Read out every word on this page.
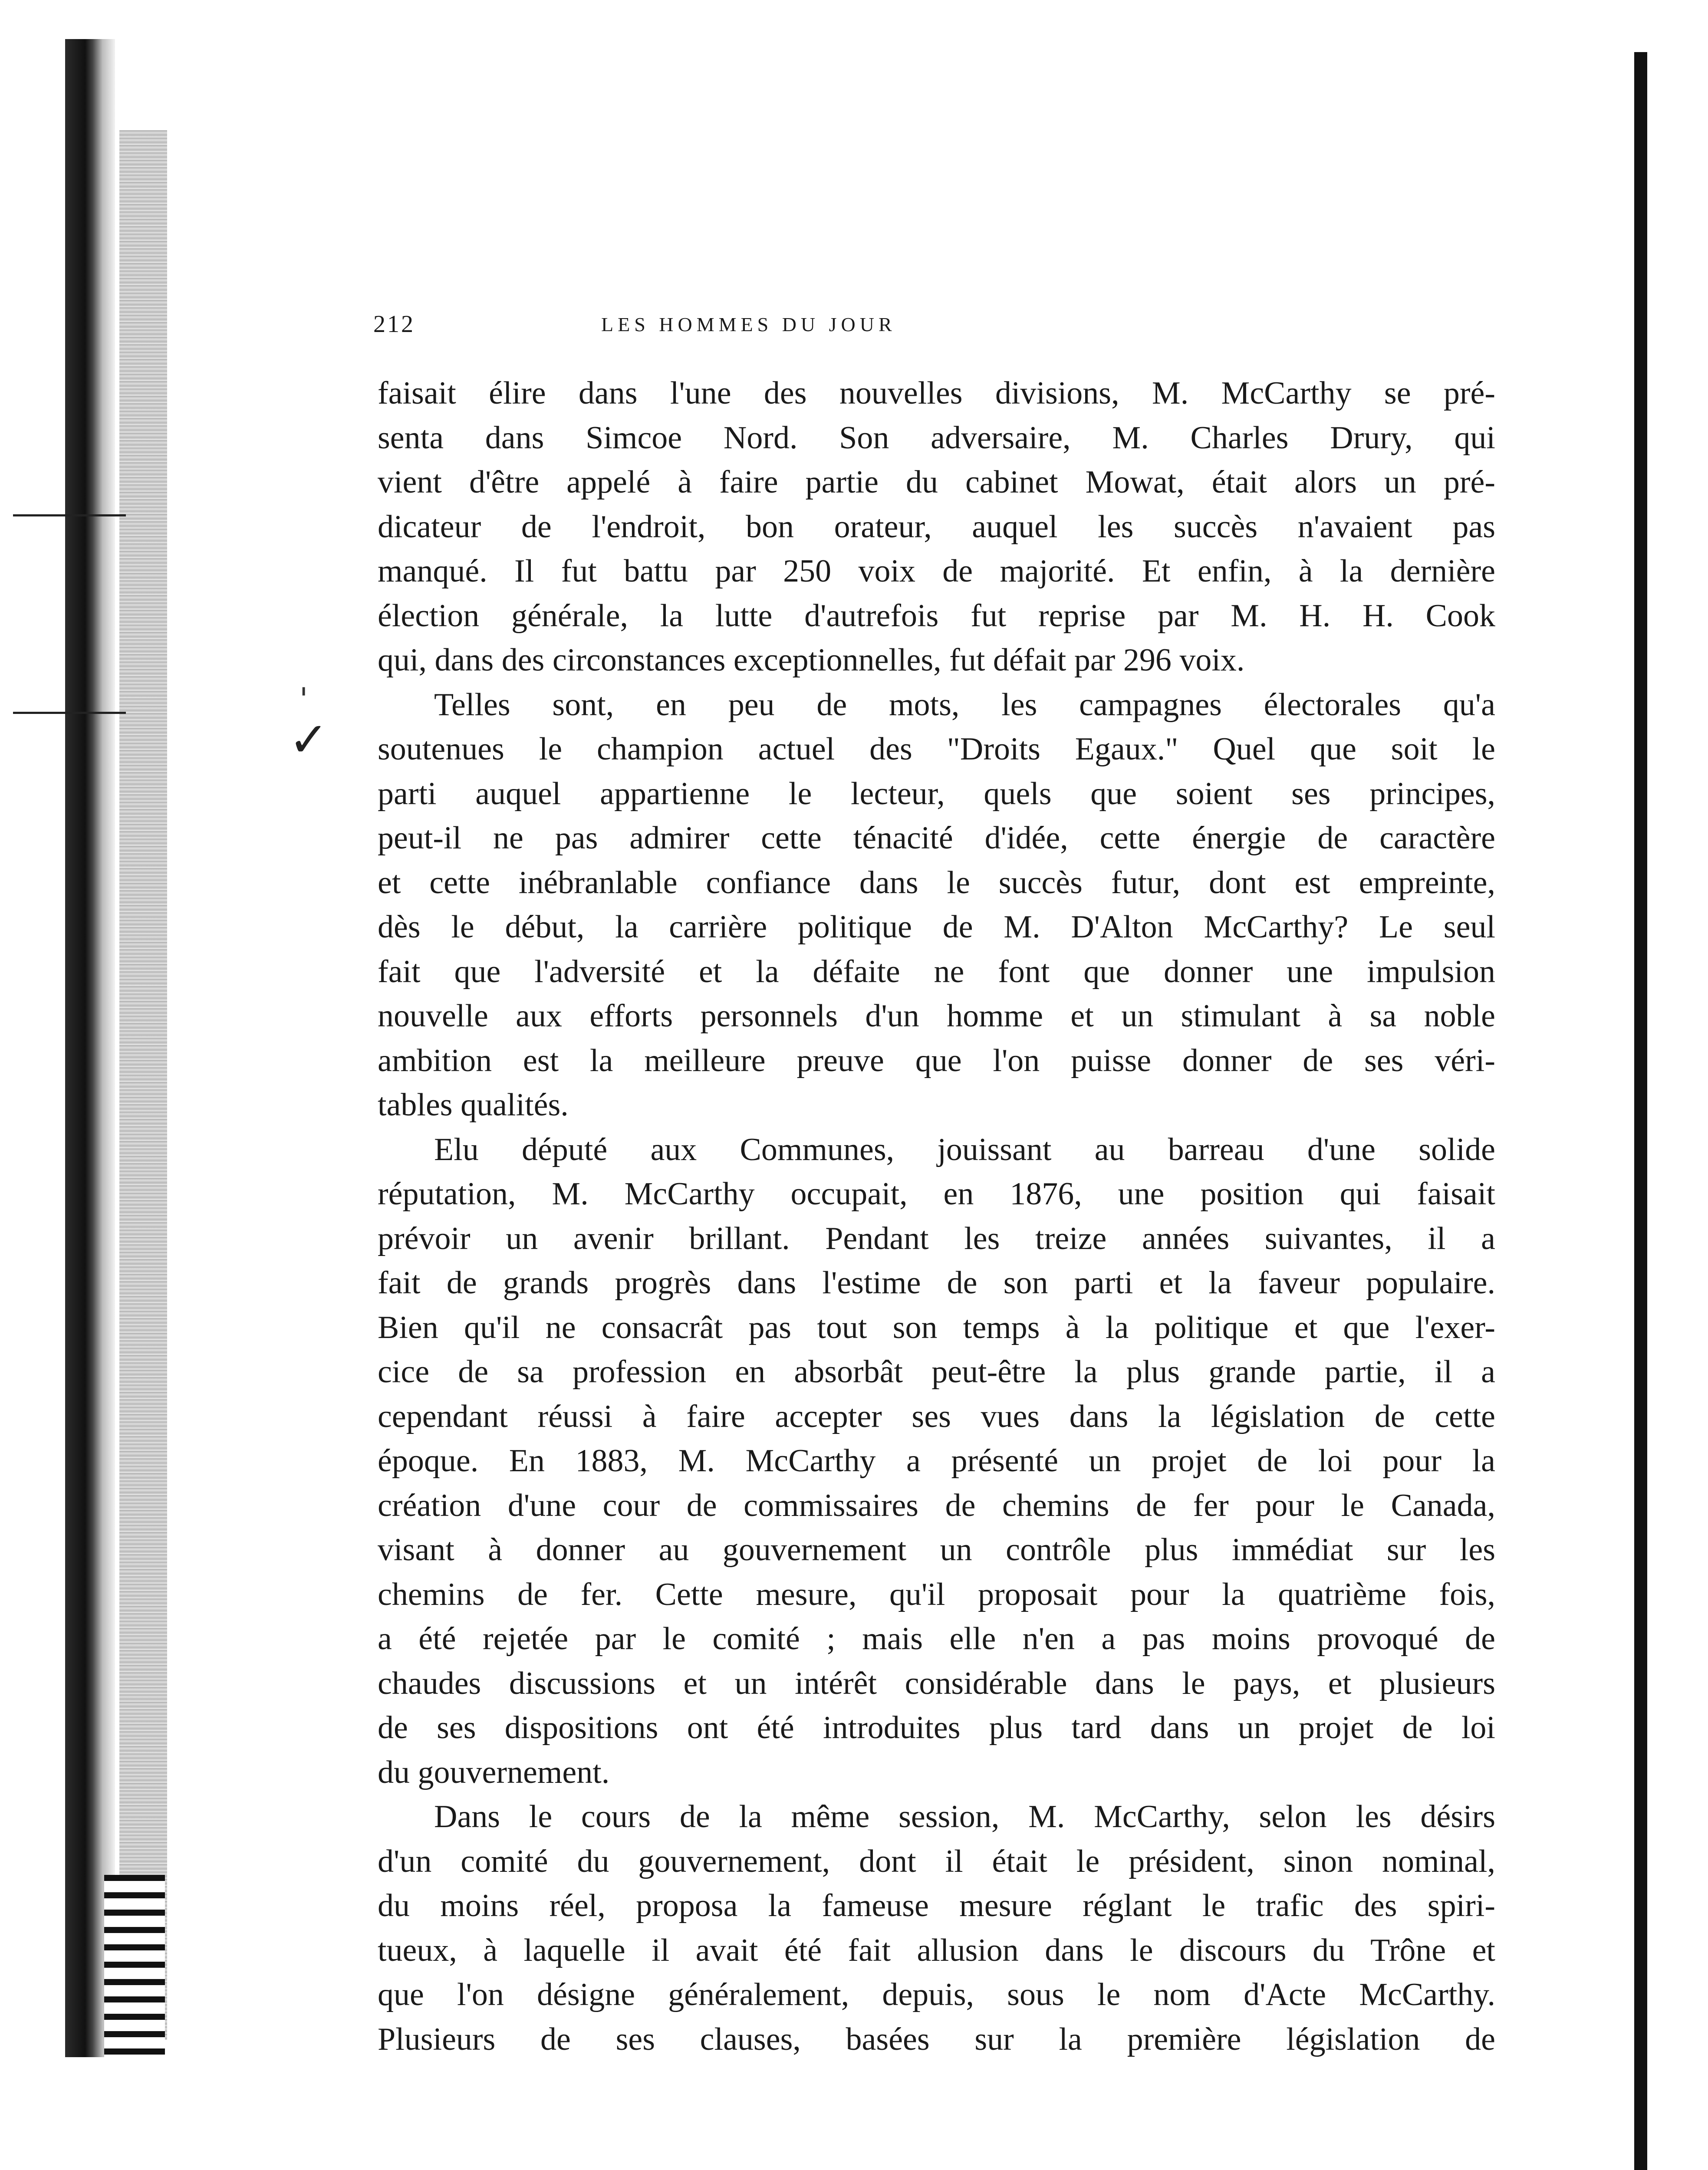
212	LES HOMMES DU JOUR
'
✓
faisait élire dans l'une des nouvelles divisions, M. McCarthy se pré-
senta dans Simcoe Nord. Son adversaire, M. Charles Drury, qui
vient d'être appelé à faire partie du cabinet Mowat, était alors un pré-
dicateur de l'endroit, bon orateur, auquel les succès n'avaient pas
manqué. Il fut battu par 250 voix de majorité. Et enfin, à la dernière
élection générale, la lutte d'autrefois fut reprise par M. H. H. Cook
qui, dans des circonstances exceptionnelles, fut défait par 296 voix.
Telles sont, en peu de mots, les campagnes électorales qu'a
soutenues le champion actuel des "Droits Egaux." Quel que soit le
parti auquel appartienne le lecteur, quels que soient ses principes,
peut-il ne pas admirer cette ténacité d'idée, cette énergie de caractère
et cette inébranlable confiance dans le succès futur, dont est empreinte,
dès le début, la carrière politique de M. D'Alton McCarthy? Le seul
fait que l'adversité et la défaite ne font que donner une impulsion
nouvelle aux efforts personnels d'un homme et un stimulant à sa noble
ambition est la meilleure preuve que l'on puisse donner de ses véri-
tables qualités.
Elu député aux Communes, jouissant au barreau d'une solide
réputation, M. McCarthy occupait, en 1876, une position qui faisait
prévoir un avenir brillant. Pendant les treize années suivantes, il a
fait de grands progrès dans l'estime de son parti et la faveur populaire.
Bien qu'il ne consacrât pas tout son temps à la politique et que l'exer-
cice de sa profession en absorbât peut-être la plus grande partie, il a
cependant réussi à faire accepter ses vues dans la législation de cette
époque. En 1883, M. McCarthy a présenté un projet de loi pour la
création d'une cour de commissaires de chemins de fer pour le Canada,
visant à donner au gouvernement un contrôle plus immédiat sur les
chemins de fer. Cette mesure, qu'il proposait pour la quatrième fois,
a été rejetée par le comité ; mais elle n'en a pas moins provoqué de
chaudes discussions et un intérêt considérable dans le pays, et plusieurs
de ses dispositions ont été introduites plus tard dans un projet de loi
du gouvernement.
Dans le cours de la même session, M. McCarthy, selon les désirs
d'un comité du gouvernement, dont il était le président, sinon nominal,
du moins réel, proposa la fameuse mesure réglant le trafic des spiri-
tueux, à laquelle il avait été fait allusion dans le discours du Trône et
que l'on désigne généralement, depuis, sous le nom d'Acte McCarthy.
Plusieurs de ses clauses, basées sur la première législation de
